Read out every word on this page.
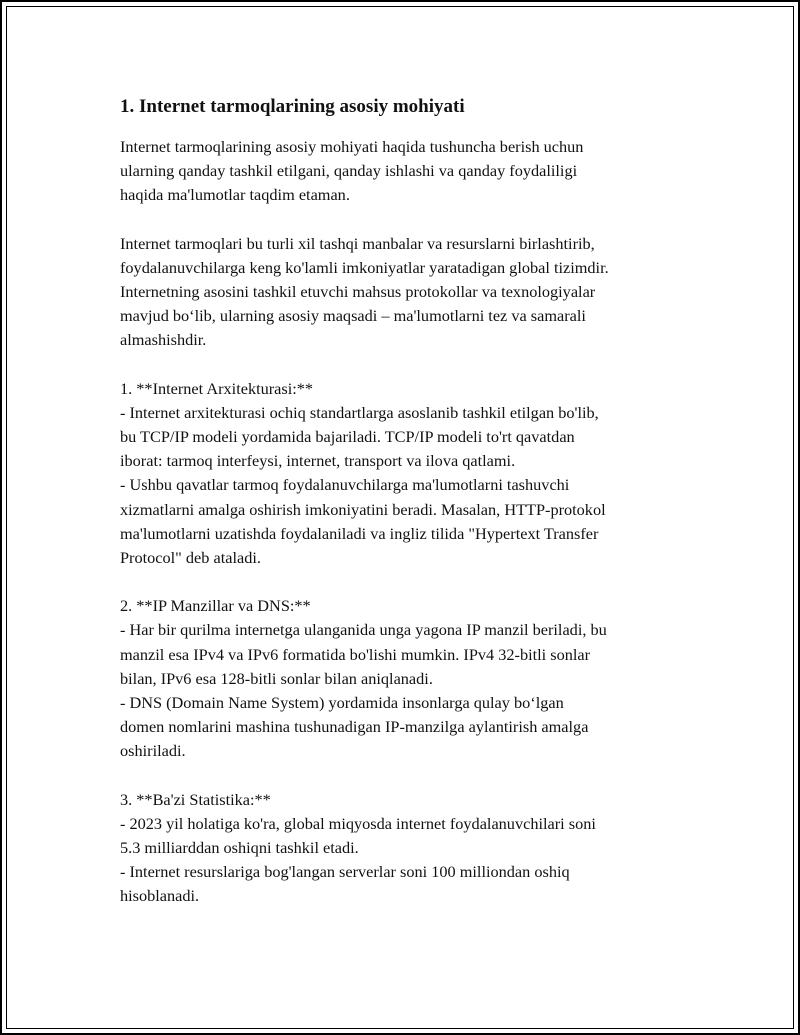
1. Internet tarmoqlarining asosiy mohiyati
Internet tarmoqlarining asosiy mohiyati haqida tushuncha berish uchun
ularning qanday tashkil etilgani, qanday ishlashi va qanday foydaliligi
haqida ma'lumotlar taqdim etaman.
Internet tarmoqlari bu turli xil tashqi manbalar va resurslarni birlashtirib,
foydalanuvchilarga keng ko'lamli imkoniyatlar yaratadigan global tizimdir.
Internetning asosini tashkil etuvchi mahsus protokollar va texnologiyalar
mavjud bo‘lib, ularning asosiy maqsadi – ma'lumotlarni tez va samarali
almashishdir.
1. **Internet Arxitekturasi:**
- Internet arxitekturasi ochiq standartlarga asoslanib tashkil etilgan bo'lib,
bu TCP/IP modeli yordamida bajariladi. TCP/IP modeli to'rt qavatdan
iborat: tarmoq interfeysi, internet, transport va ilova qatlami.
- Ushbu qavatlar tarmoq foydalanuvchilarga ma'lumotlarni tashuvchi
xizmatlarni amalga oshirish imkoniyatini beradi. Masalan, HTTP-protokol
ma'lumotlarni uzatishda foydalaniladi va ingliz tilida "Hypertext Transfer
Protocol" deb ataladi.
2. **IP Manzillar va DNS:**
- Har bir qurilma internetga ulanganida unga yagona IP manzil beriladi, bu
manzil esa IPv4 va IPv6 formatida bo'lishi mumkin. IPv4 32-bitli sonlar
bilan, IPv6 esa 128-bitli sonlar bilan aniqlanadi.
- DNS (Domain Name System) yordamida insonlarga qulay bo‘lgan
domen nomlarini mashina tushunadigan IP-manzilga aylantirish amalga
oshiriladi.
3. **Ba'zi Statistika:**
- 2023 yil holatiga ko'ra, global miqyosda internet foydalanuvchilari soni
5.3 milliarddan oshiqni tashkil etadi.
- Internet resurslariga bog'langan serverlar soni 100 milliondan oshiq
hisoblanadi.
